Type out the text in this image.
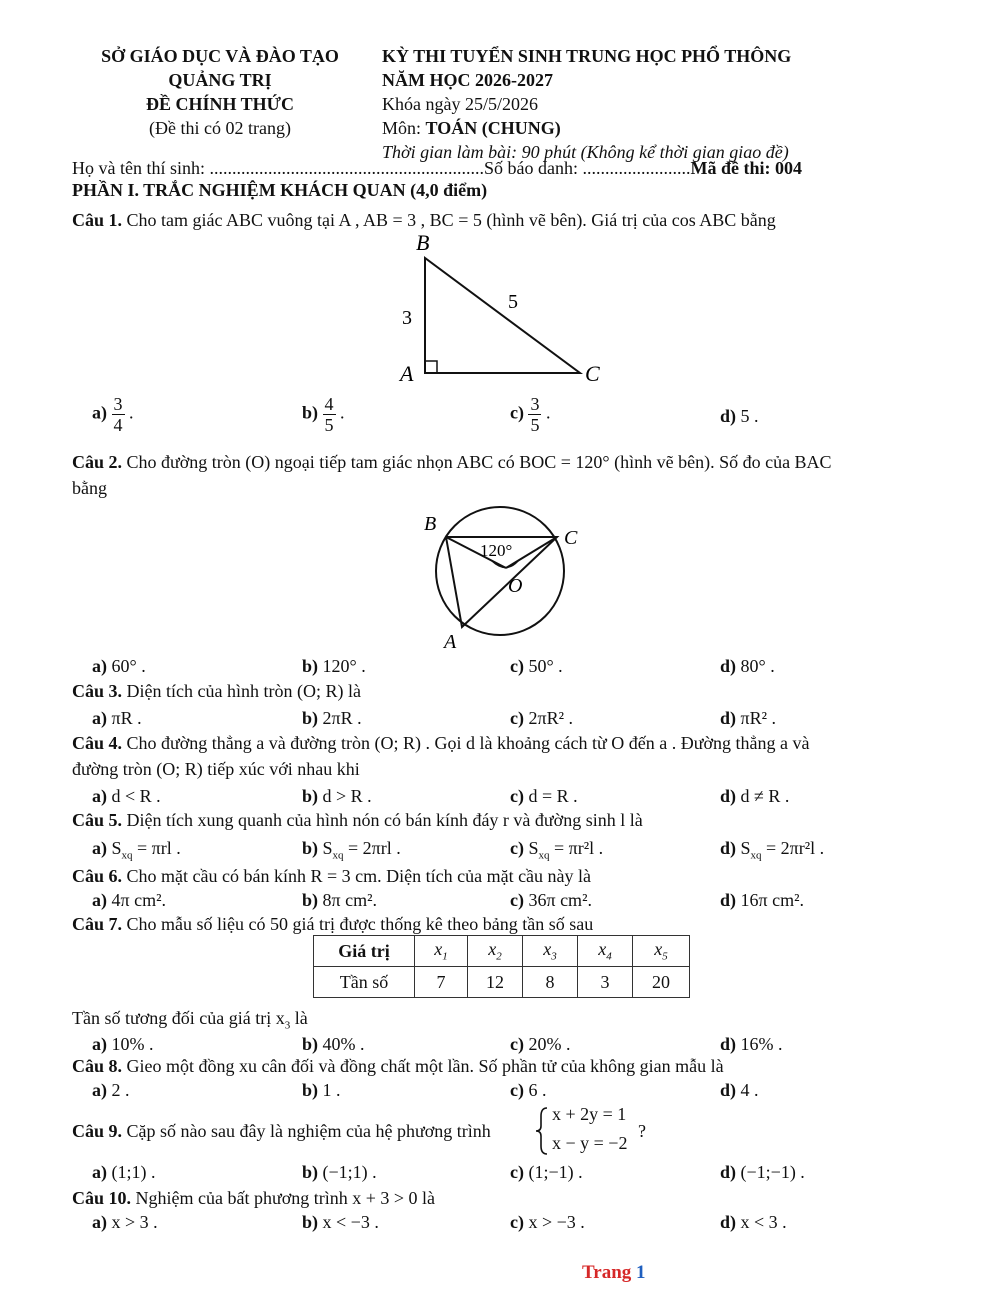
SỞ GIÁO DỤC VÀ ĐÀO TẠO
QUẢNG TRỊ
ĐỀ CHÍNH THỨC
(Đề thi có 02 trang)
KỲ THI TUYỂN SINH TRUNG HỌC PHỔ THÔNG
NĂM HỌC 2026-2027
Khóa ngày 25/5/2026
Môn: TOÁN (CHUNG)
Thời gian làm bài: 90 phút (Không kể thời gian giao đề)
Họ và tên thí sinh: .............................................................Số báo danh: ........................Mã đề thi: 004
PHẦN I. TRẮC NGHIỆM KHÁCH QUAN (4,0 điểm)
Câu 1. Cho tam giác ABC vuông tại A , AB = 3 , BC = 5 (hình vẽ bên). Giá trị của cos ABC bằng
B
A	C
3
5
$a) \frac{3}{4}$ .	$b) \frac{4}{5}$ .	$c) \frac{3}{5}$ .	d) 5 .
Câu 2. Cho đường tròn (O) ngoại tiếp tam giác nhọn ABC có BOC = 120° (hình vẽ bên). Số đo của BAC
bằng
B
C
O
A
120°
a) 60° .	b) 120° .	c) 50° .	d) 80° .
Câu 3. Diện tích của hình tròn (O; R) là
a) πR .	b) 2πR .	c) 2πR² .	d) πR² .
Câu 4. Cho đường thẳng a và đường tròn (O; R) . Gọi d là khoảng cách từ O đến a . Đường thẳng a và
đường tròn (O; R) tiếp xúc với nhau khi
a) d < R .	b) d > R .	c) d = R .	d) d ≠ R .
Câu 5. Diện tích xung quanh của hình nón có bán kính đáy r và đường sinh l là
a) $S_{xq} = \pi rl$ .	b) $S_{xq} = 2\pi rl$ .	c) $S_{xq} = \pi r^2l$ .	d) $S_{xq} = 2\pi r^2l$ .
Câu 6. Cho mặt cầu có bán kính R = 3 cm. Diện tích của mặt cầu này là
a) 4π cm².	b) 8π cm².	c) 36π cm².	d) 16π cm².
Câu 7. Cho mẫu số liệu có 50 giá trị được thống kê theo bảng tần số sau
Giá trị	$x_1$	$x_2$	$x_3$	$x_4$	$x_5$
Tần số	7	12	8	3	20
Tần số tương đối của giá trị $x_3$ là
a) 10% .	b) 40% .	c) 20% .	d) 16% .
Câu 8. Gieo một đồng xu cân đối và đồng chất một lần. Số phần tử của không gian mẫu là
a) 2 .	b) 1 .	c) 6 .	d) 4 .
Câu 9. Cặp số nào sau đây là nghiệm của hệ phương trình
x + 2y = 1
x − y = −2
?
a) (1;1) .	b) (−1;1) .	c) (1;−1) .	d) (−1;−1) .
Câu 10. Nghiệm của bất phương trình x + 3 > 0 là
a) x > 3 .	b) x < −3 .	c) x > −3 .	d) x < 3 .
Trang 1
